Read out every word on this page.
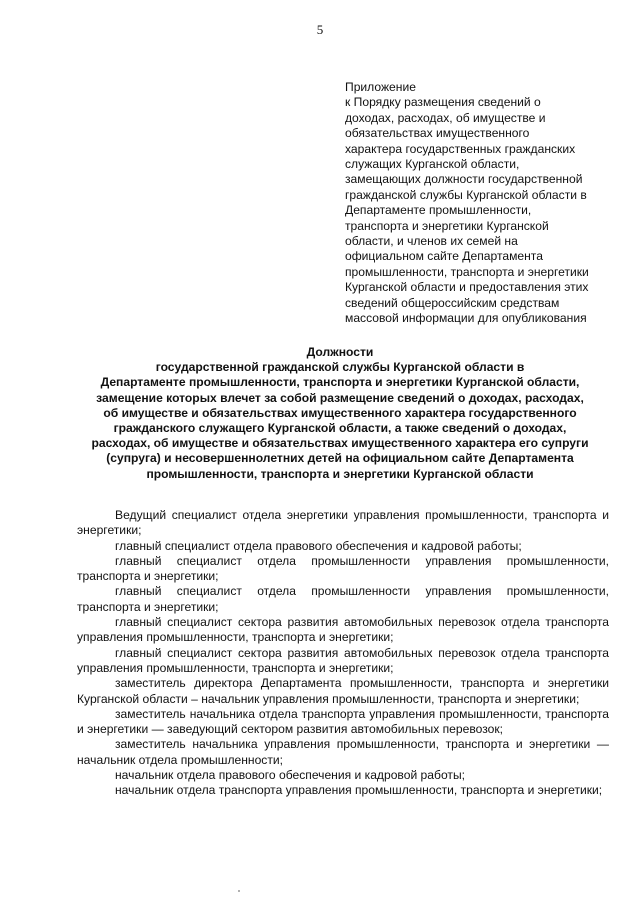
5
Приложение
к Порядку размещения сведений о
доходах, расходах, об имуществе и
обязательствах имущественного
характера государственных гражданских
служащих Курганской области,
замещающих должности государственной
гражданской службы Курганской области в
Департаменте промышленности,
транспорта и энергетики Курганской
области, и членов их семей на
официальном сайте Департамента
промышленности, транспорта и энергетики
Курганской области и предоставления этих
сведений общероссийским средствам
массовой информации для опубликования
Должности
государственной гражданской службы Курганской области в
Департаменте промышленности, транспорта и энергетики Курганской области,
замещение которых влечет за собой размещение сведений о доходах, расходах,
об имуществе и обязательствах имущественного характера государственного
гражданского служащего Курганской области, а также сведений о доходах,
расходах, об имуществе и обязательствах имущественного характера его супруги
(супруга) и несовершеннолетних детей на официальном сайте Департамента
промышленности, транспорта и энергетики Курганской области

Ведущий специалист отдела энергетики управления промышленности, транспорта и энергетики;

главный специалист отдела правового обеспечения и кадровой работы;

главный специалист отдела промышленности управления промышленности, транспорта и энергетики;

главный специалист отдела промышленности управления промышленности, транспорта и энергетики;

главный специалист сектора развития автомобильных перевозок отдела транспорта управления промышленности, транспорта и энергетики;

главный специалист сектора развития автомобильных перевозок отдела транспорта управления промышленности, транспорта и энергетики;

заместитель директора Департамента промышленности, транспорта и энергетики Курганской области – начальник управления промышленности, транспорта и энергетики;

заместитель начальника отдела транспорта управления промышленности, транспорта и энергетики — заведующий сектором развития автомобильных перевозок;

заместитель начальника управления промышленности, транспорта и энергетики — начальник отдела промышленности;

начальник отдела правового обеспечения и кадровой работы;

начальник отдела транспорта управления промышленности, транспорта и энергетики;
